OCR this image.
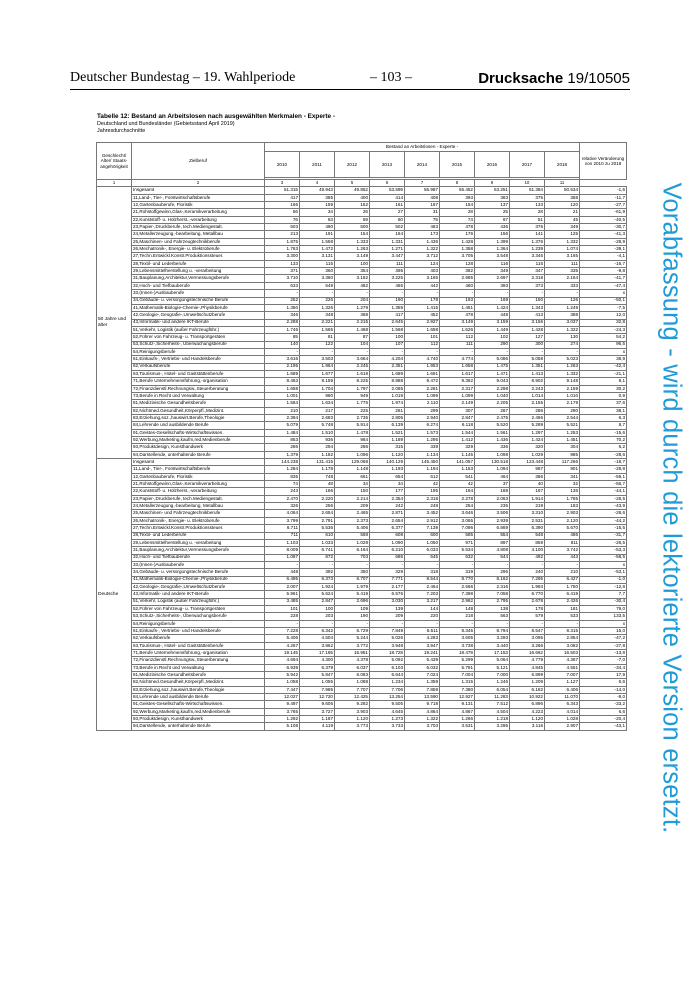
Deutscher Bundestag – 19. Wahlperiode	– 103 –	Drucksache 19/10505
Tabelle 12: Bestand an Arbeitslosen nach ausgewählten Merkmalen - Experte -
Deutschland und Bundesländer (Gebietsstand April 2019)
Jahresdurchschnitte
Geschlecht/ Alter/ Staats- angehörigkeit	Zielberuf	Bestand an Arbeitslosen - Experte -									relative Veränderung von 2010 zu 2018
		2010	2011	2012	2013	2014	2015	2016	2017	2018	

1	2	3	4	5	6	7	8	9	10	11	
50 Jahre und älter	Insgesamt	51.315	49.943	49.852	53.599	55.987	55.452	53.251	51.384	50.534	-1,5
	11,Land-, Tier-, Forstwirtschaftsberufe	417	385	400	414	408	393	383	375	368	-11,7
	12,Gartenbauberufe, Floristik	166	159	152	161	167	154	137	133	120	-27,7
	21,Rohstoffgewinn,Glas-,Keramikverarbeitung	56	34	26	27	31	28	25	28	21	-61,9
	22,Kunststoff- u. Holzherst.,-verarbeitung	76	63	59	60	75	74	67	51	45	-40,5
	23,Papier-,Druckberufe, tech.Mediengestalt.	503	490	500	502	483	478	436	376	349	-30,7
	24,Metallerzeugung,-bearbeitung, Metallbau	213	191	154	164	173	176	156	141	125	-41,3
	25,Maschinen- und Fahrzeugtechnikberufe	1.875	1.558	1.333	1.331	1.436	1.428	1.399	1.376	1.332	-28,9
	26,Mechatronik-, Energie- u. Elektroberufe	1.763	1.472	1.263	1.271	1.322	1.358	1.364	1.239	1.074	-39,1
	27,Techn.Entwickl.Konstr.Produktionssteuer.	3.300	3.131	3.149	3.447	3.712	3.705	3.548	3.346	3.165	-4,1
	28,Textil- und Lederberufe	133	115	100	111	124	128	116	115	111	-16,7
	29,Lebensmittelherstellung u. -verarbeitung	371	360	354	395	403	382	349	347	335	-9,8
	31,Bauplanung,Architektur,Vermessungsberufe	3.710	3.360	3.162	3.225	3.165	2.985	2.697	2.318	2.164	-41,7
	32,Hoch- und Tiefbauberufe	633	549	482	465	442	460	393	373	333	-47,4
	33,(Innen-)Ausbauberufe	-	-	-	-	-	-	-	-	-	x
	34,Gebäude- u. versorgungstechnische Berufe	252	226	204	190	178	193	169	150	126	-50,1
	41,Mathematik-Biologie-Chemie-,Physikberufe	1.350	1.326	1.279	1.359	1.415	1.451	1.424	1.343	1.249	-7,5
	42,Geologie-,Geografie-,Umweltschutzberufe	346	348	368	417	452	478	448	413	388	12,0
	43,Informatik- und andere IKT-Berufe	2.288	2.221	2.215	2.645	2.927	3.149	3.159	3.156	3.037	32,8
	51,Verkehr, Logistik (außer Fahrzeugführ.)	1.746	1.565	1.468	1.568	1.658	1.526	1.449	1.428	1.322	-24,3
	52,Führer von Fahrzeug- u. Transportgeräten	85	81	87	100	101	112	102	127	130	54,2
	53,Schutz-,Sicherheits-, Überwachungsberufe	140	122	104	107	112	111	290	300	274	96,5
	54,Reinigungsberufe	-	-	-	-	-	-	-	-	-	x
	61,Einkaufs-, Vertriebs- und Handelsberufe	3.616	3.503	3.664	4.204	4.740	4.774	5.086	5.058	5.023	38,9
	62,Verkaufsberufe	2.195	1.964	2.245	2.351	1.953	1.658	1.475	1.351	1.263	-42,4
	63,Tourismus-, Hotel- und Gaststättenberufe	1.689	1.677	1.618	1.689	1.691	1.617	1.471	1.413	1.332	-21,1
	71,Berufe Unternehmensführung,-organisation	8.463	8.159	8.225	8.988	9.472	9.362	9.043	8.902	9.148	8,1
	72,Finanzdienstl.Rechnungsw.,Steuerberatung	1.658	1.704	1.797	2.065	2.281	2.317	2.298	2.243	2.159	30,2
	73,Berufe in Recht und Verwaltung	1.001	980	949	1.019	1.099	1.099	1.040	1.014	1.010	0,9
	81,Medizinische Gesundheitsberufe	1.584	1.634	1.775	1.974	2.110	2.149	2.205	2.155	2.179	37,6
	82,Nichtmed.Gesundheit,Körperpfl.,Medizint.	210	217	225	261	299	307	287	286	290	38,1
	83,Erziehung,soz.,hauswirt.Berufe,Theologie	2.394	2.683	2.735	2.805	2.940	2.847	2.475	2.466	2.544	6,3
	84,Lehrende und ausbildende Berufe	5.079	5.748	5.914	6.139	6.274	6.118	5.520	5.289	5.521	8,7
	91,Geistes-Gesellschafts-Wirtschaftswissen.	1.484	1.510	1.478	1.521	1.573	1.544	1.561	1.297	1.253	-15,6
	92,Werbung,Marketing,kaufm,red.Medienberufe	853	936	984	1.189	1.295	1.412	1.436	1.424	1.451	70,2
	93,Produktdesign, Kunsthandwerk	286	294	286	315	339	329	336	320	304	6,2
	94,Darstellende, unterhaltende Berufe	1.379	1.182	1.096	1.120	1.134	1.145	1.098	1.029	985	-28,6
Deutsche	Insgesamt	144.238	131.415	129.068	140.129	145.450	141.057	130.518	123.448	117.266	-18,7
	11,Land-, Tier-, Forstwirtschaftsberufe	1.284	1.178	1.148	1.193	1.194	1.153	1.094	987	901	-29,8
	12,Gartenbauberufe, Floristik	835	748	661	654	612	541	464	386	341	-59,1
	21,Rohstoffgewinn,Glas-,Keramikverarbeitung	74	48	34	34	42	42	37	40	32	-56,7
	22,Kunststoff- u. Holzherst.,-verarbeitung	243	166	150	177	195	194	188	167	136	-44,1
	23,Papier-,Druckberufe, tech.Mediengestalt.	2.470	2.220	2.214	2.354	2.318	2.278	2.063	1.914	1.765	-28,5
	24,Metallerzeugung,-bearbeitung, Metallbau	326	256	209	242	248	254	235	219	183	-43,9
	25,Maschinen- und Fahrzeugtechnikberufe	4.064	2.654	2.465	2.871	3.452	3.646	3.506	3.310	2.903	-28,6
	26,Mechatronik-, Energie- u. Elektroberufe	3.799	2.791	2.373	2.654	2.912	3.065	2.939	2.531	2.120	-44,2
	27,Techn.Entwickl.Konstr.Produktionssteuer.	6.711	5.536	5.406	6.377	7.139	7.096	6.869	6.390	5.670	-15,5
	28,Textil- und Lederberufe	711	610	568	608	600	585	554	548	486	-31,7
	29,Lebensmittelherstellung u. -verarbeitung	1.103	1.033	1.028	1.090	1.050	971	897	859	811	-26,5
	31,Bauplanung,Architektur,Vermessungsberufe	8.009	6.741	6.164	6.210	6.033	5.534	4.808	4.100	3.742	-53,3
	32,Hoch- und Tiefbauberufe	1.067	872	703	686	645	632	544	492	443	-58,5
	33,(Innen-)Ausbauberufe	-	-	-	-	-	-	-	-	-	x
	34,Gebäude- u. versorgungstechnische Berufe	448	392	350	329	318	319	296	240	210	-53,1
	41,Mathematik-Biologie-Chemie-,Physikberufe	6.495	6.373	6.707	7.771	8.544	8.770	8.162	7.295	6.427	-1,0
	42,Geologie-,Geografie-,Umweltschutzberufe	2.007	1.924	1.979	2.177	2.464	2.566	2.316	1.993	1.750	-12,8
	43,Informatik- und andere IKT-Berufe	5.961	5.624	5.419	6.576	7.203	7.398	7.058	6.770	6.419	7,7
	51,Verkehr, Logistik (außer Fahrzeugführ.)	3.485	2.847	2.696	3.030	3.217	2.962	2.795	2.678	2.426	-30,4
	52,Führer von Fahrzeug- u. Transportgeräten	101	100	109	139	144	148	138	178	181	79,0
	53,Schutz-,Sicherheits-, Überwachungsberufe	228	203	190	209	220	218	563	579	533	133,5
	54,Reinigungsberufe	-	-	-	-	-	-	-	-	-	x
	61,Einkaufs-, Vertriebs- und Handelsberufe	7.228	6.342	6.729	7.849	8.511	8.345	8.794	8.547	8.315	15,0
	62,Verkaufsberufe	5.406	4.504	5.244	5.026	4.283	3.605	3.293	3.095	2.854	-47,2
	63,Tourismus-, Hotel- und Gaststättenberufe	4.267	3.962	3.772	3.948	3.947	3.738	3.440	3.266	3.082	-27,8
	71,Berufe Unternehmensführung,-organisation	19.145	17.165	16.951	18.728	19.241	18.479	17.153	16.662	16.503	-13,8
	72,Finanzdienstl.Rechnungsw.,Steuerberatung	4.694	4.300	4.378	5.092	5.439	5.299	5.064	4.779	4.367	-7,0
	73,Berufe in Recht und Verwaltung	6.939	6.379	6.037	6.103	6.032	5.791	5.121	4.845	4.551	-34,4
	81,Medizinische Gesundheitsberufe	5.942	5.847	6.083	6.644	7.024	7.004	7.000	6.899	7.007	17,9
	82,Nichtmed.Gesundheit,Körperpfl.,Medizint.	1.058	1.055	1.088	1.234	1.359	1.315	1.246	1.209	1.127	6,6
	83,Erziehung,soz.,hauswirt.Berufe,Theologie	7.447	7.985	7.707	7.706	7.859	7.380	6.054	6.182	6.406	-14,0
	84,Lehrende und ausbildende Berufe	12.027	12.720	12.425	13.254	13.590	12.927	11.283	10.922	11.070	-8,0
	91,Geistes-Gesellschafts-Wirtschaftswissen.	9.497	9.605	9.282	9.505	9.718	9.131	7.512	6.896	6.343	-33,2
	92,Werbung,Marketing,kaufm,red.Medienberufe	3.765	3.727	3.903	4.645	4.864	4.867	4.504	4.223	4.014	6,6
	93,Produktdesign, Kunsthandwerk	1.292	1.187	1.120	1.273	1.322	1.266	1.218	1.120	1.028	-20,4
	94,Darstellende, unterhaltende Berufe	5.108	4.119	3.773	3.733	3.703	3.531	3.295	3.116	2.907	-43,1 Vorabfassung - wird durch die lektorierte Version ersetzt.
